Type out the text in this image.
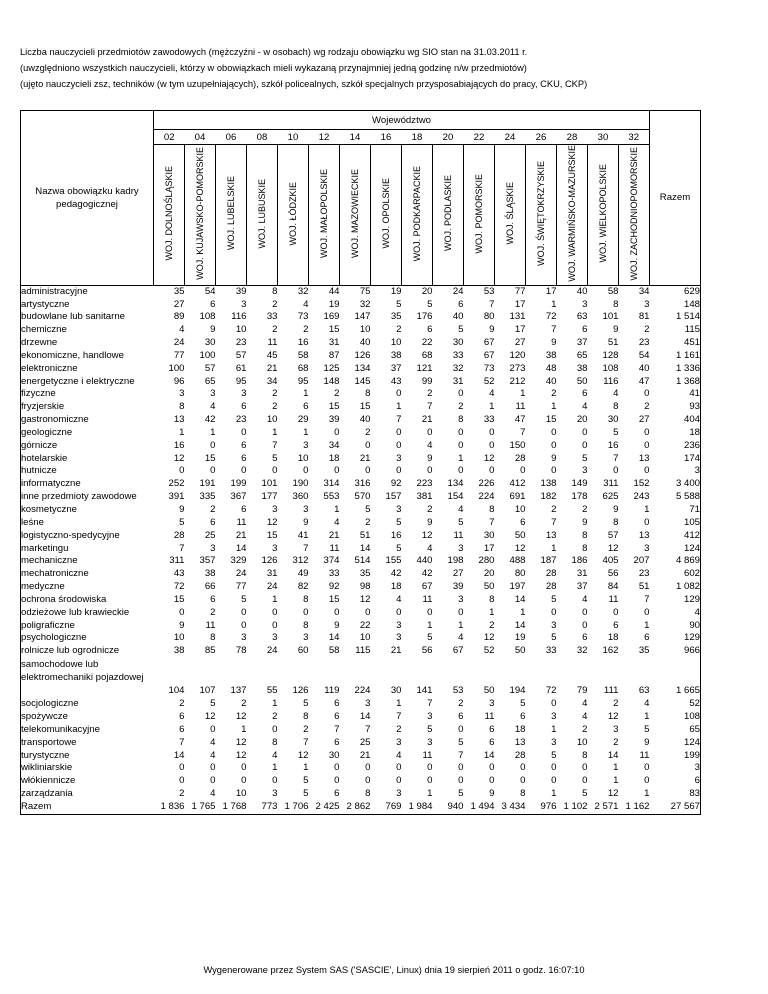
Liczba nauczycieli przedmiotów zawodowych (mężczyźni - w osobach) wg rodzaju obowiązku wg SIO stan na 31.03.2011 r.
(uwzględniono wszystkich nauczycieli, którzy w obowiązkach mieli wykazaną przynajmniej jedną godzinę n/w przedmiotów)
(ujęto nauczycieli zsz, techników (w tym uzupełniających), szkół policealnych, szkół specjalnych przysposabiających do pracy, CKU, CKP)
Nazwa obowiązku kadry pedagogicznej	Województwo																Razem
	02	04	06	08	10	12	14	16	18	20	22	24	26	28	30	32	
	WOJ. DOLNOŚLĄSKIE	WOJ. KUJAWSKO-POMORSKIE	WOJ. LUBELSKIE	WOJ. LUBUSKIE	WOJ. ŁÓDZKIE	WOJ. MAŁOPOLSKIE	WOJ. MAZOWIECKIE	WOJ. OPOLSKIE	WOJ. PODKARPACKIE	WOJ. PODLASKIE	WOJ. POMORSKIE	WOJ. ŚLĄSKIE	WOJ. ŚWIĘTOKRZYSKIE	WOJ. WARMIŃSKO-MAZURSKIE	WOJ. WIELKOPOLSKIE	WOJ. ZACHODNIOPOMORSKIE	
administracyjne	35	54	39	8	32	44	75	19	20	24	53	77	17	40	58	34	629
artystyczne	27	6	3	2	4	19	32	5	5	6	7	17	1	3	8	3	148
budowlane lub sanitarne	89	108	116	33	73	169	147	35	176	40	80	131	72	63	101	81	1 514
chemiczne	4	9	10	2	2	15	10	2	6	5	9	17	7	6	9	2	115
drzewne	24	30	23	11	16	31	40	10	22	30	67	27	9	37	51	23	451
ekonomiczne, handlowe	77	100	57	45	58	87	126	38	68	33	67	120	38	65	128	54	1 161
elektroniczne	100	57	61	21	68	125	134	37	121	32	73	273	48	38	108	40	1 336
energetyczne i elektryczne	96	65	95	34	95	148	145	43	99	31	52	212	40	50	116	47	1 368
fizyczne	3	3	3	2	1	2	8	0	2	0	4	1	2	6	4	0	41
fryzjerskie	8	4	6	2	6	15	15	1	7	2	1	11	1	4	8	2	93
gastronomiczne	13	42	23	10	29	39	40	7	21	8	33	47	15	20	30	27	404
geologiczne	1	1	0	1	1	0	2	0	0	0	0	7	0	0	5	0	18
górnicze	16	0	6	7	3	34	0	0	4	0	0	150	0	0	16	0	236
hotelarskie	12	15	6	5	10	18	21	3	9	1	12	28	9	5	7	13	174
hutnicze	0	0	0	0	0	0	0	0	0	0	0	0	0	3	0	0	3
informatyczne	252	191	199	101	190	314	316	92	223	134	226	412	138	149	311	152	3 400
inne przedmioty zawodowe	391	335	367	177	360	553	570	157	381	154	224	691	182	178	625	243	5 588
kosmetyczne	9	2	6	3	3	1	5	3	2	4	8	10	2	2	9	1	71
leśne	5	6	11	12	9	4	2	5	9	5	7	6	7	9	8	0	105
logistyczno-spedycyjne	28	25	21	15	41	21	51	16	12	11	30	50	13	8	57	13	412
marketingu	7	3	14	3	7	11	14	5	4	3	17	12	1	8	12	3	124
mechaniczne	311	357	329	126	312	374	514	155	440	198	280	488	187	186	405	207	4 869
mechatroniczne	43	38	24	31	49	33	35	42	42	27	20	80	28	31	56	23	602
medyczne	72	66	77	24	82	92	98	18	67	39	50	197	28	37	84	51	1 082
ochrona środowiska	15	6	5	1	8	15	12	4	11	3	8	14	5	4	11	7	129
odzieżowe lub krawieckie	0	2	0	0	0	0	0	0	0	0	1	1	0	0	0	0	4
poligraficzne	9	11	0	0	8	9	22	3	1	1	2	14	3	0	6	1	90
psychologiczne	10	8	3	3	3	14	10	3	5	4	12	19	5	6	18	6	129
rolnicze lub ogrodnicze	38	85	78	24	60	58	115	21	56	67	52	50	33	32	162	35	966
samochodowe lub elektromechaniki pojazdowej	104	107	137	55	126	119	224	30	141	53	50	194	72	79	111	63	1 665
socjologiczne	2	5	2	1	5	6	3	1	7	2	3	5	0	4	2	4	52
spożywcze	6	12	12	2	8	6	14	7	3	6	11	6	3	4	12	1	108
telekomunikacyjne	6	0	1	0	2	7	7	2	5	0	6	18	1	2	3	5	65
transportowe	7	4	12	8	7	6	25	3	3	5	6	13	3	10	2	9	124
turystyczne	14	4	12	4	12	30	21	4	11	7	14	28	5	8	14	11	199
wikliniarskie	0	0	0	1	1	0	0	0	0	0	0	0	0	0	1	0	3
włókiennicze	0	0	0	0	5	0	0	0	0	0	0	0	0	0	1	0	6
zarządzania	2	4	10	3	5	6	8	3	1	5	9	8	1	5	12	1	83
Razem	1 836	1 765	1 768	773	1 706	2 425	2 862	769	1 984	940	1 494	3 434	976	1 102	2 571	1 162	27 567
Wygenerowane przez System SAS ('SASCIE', Linux) dnia 19 sierpień 2011 o godz. 16:07:10
